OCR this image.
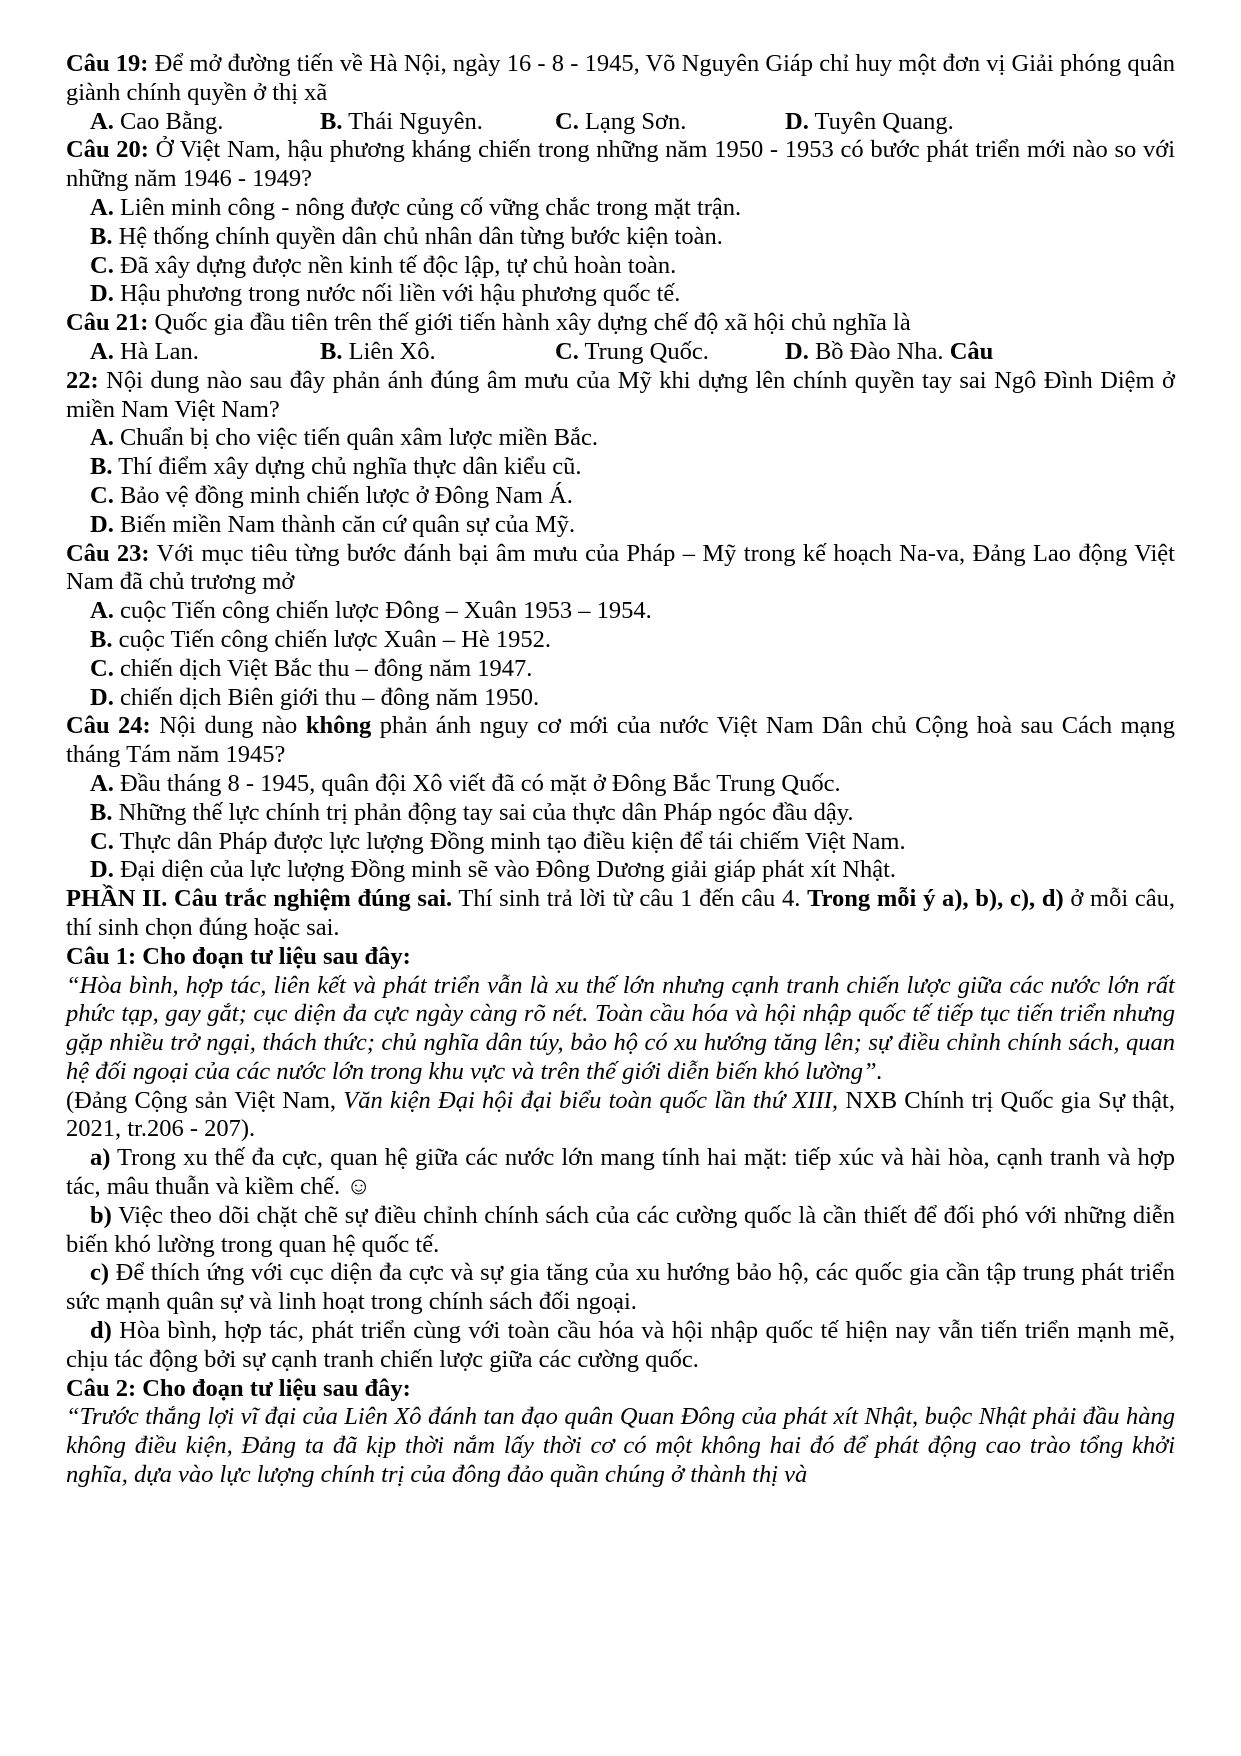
Câu 19: Để mở đường tiến về Hà Nội, ngày 16 - 8 - 1945, Võ Nguyên Giáp chỉ huy một đơn vị Giải phóng quân giành chính quyền ở thị xã
A. Cao Bằng.	B. Thái Nguyên.	C. Lạng Sơn.	D. Tuyên Quang.
Câu 20: Ở Việt Nam, hậu phương kháng chiến trong những năm 1950 - 1953 có bước phát triển mới nào so với những năm 1946 - 1949?
A. Liên minh công - nông được củng cố vững chắc trong mặt trận.
B. Hệ thống chính quyền dân chủ nhân dân từng bước kiện toàn.
C. Đã xây dựng được nền kinh tế độc lập, tự chủ hoàn toàn.
D. Hậu phương trong nước nối liền với hậu phương quốc tế.
Câu 21: Quốc gia đầu tiên trên thế giới tiến hành xây dựng chế độ xã hội chủ nghĩa là
A. Hà Lan.	B. Liên Xô.	C. Trung Quốc.	D. Bồ Đào Nha. Câu
22: Nội dung nào sau đây phản ánh đúng âm mưu của Mỹ khi dựng lên chính quyền tay sai Ngô Đình Diệm ở miền Nam Việt Nam?
A. Chuẩn bị cho việc tiến quân xâm lược miền Bắc.
B. Thí điểm xây dựng chủ nghĩa thực dân kiểu cũ.
C. Bảo vệ đồng minh chiến lược ở Đông Nam Á.
D. Biến miền Nam thành căn cứ quân sự của Mỹ.
Câu 23: Với mục tiêu từng bước đánh bại âm mưu của Pháp – Mỹ trong kế hoạch Na-va, Đảng Lao động Việt Nam đã chủ trương mở
A. cuộc Tiến công chiến lược Đông – Xuân 1953 – 1954.
B. cuộc Tiến công chiến lược Xuân – Hè 1952.
C. chiến dịch Việt Bắc thu – đông năm 1947.
D. chiến dịch Biên giới thu – đông năm 1950.
Câu 24: Nội dung nào không phản ánh nguy cơ mới của nước Việt Nam Dân chủ Cộng hoà sau Cách mạng tháng Tám năm 1945?
A. Đầu tháng 8 - 1945, quân đội Xô viết đã có mặt ở Đông Bắc Trung Quốc.
B. Những thế lực chính trị phản động tay sai của thực dân Pháp ngóc đầu dậy.
C. Thực dân Pháp được lực lượng Đồng minh tạo điều kiện để tái chiếm Việt Nam.
D. Đại diện của lực lượng Đồng minh sẽ vào Đông Dương giải giáp phát xít Nhật.
PHẦN II. Câu trắc nghiệm đúng sai. Thí sinh trả lời từ câu 1 đến câu 4. Trong mỗi ý a), b), c), d) ở mỗi câu, thí sinh chọn đúng hoặc sai.
Câu 1: Cho đoạn tư liệu sau đây:
“Hòa bình, hợp tác, liên kết và phát triển vẫn là xu thế lớn nhưng cạnh tranh chiến lược giữa các nước lớn rất phức tạp, gay gắt; cục diện đa cực ngày càng rõ nét. Toàn cầu hóa và hội nhập quốc tế tiếp tục tiến triển nhưng gặp nhiều trở ngại, thách thức; chủ nghĩa dân túy, bảo hộ có xu hướng tăng lên; sự điều chỉnh chính sách, quan hệ đối ngoại của các nước lớn trong khu vực và trên thế giới diễn biến khó lường”.
(Đảng Cộng sản Việt Nam, Văn kiện Đại hội đại biểu toàn quốc lần thứ XIII, NXB Chính trị Quốc gia Sự thật, 2021, tr.206 - 207).
a) Trong xu thế đa cực, quan hệ giữa các nước lớn mang tính hai mặt: tiếp xúc và hài hòa, cạnh tranh và hợp tác, mâu thuẫn và kiềm chế. ☺
b) Việc theo dõi chặt chẽ sự điều chỉnh chính sách của các cường quốc là cần thiết để đối phó với những diễn biến khó lường trong quan hệ quốc tế.
c) Để thích ứng với cục diện đa cực và sự gia tăng của xu hướng bảo hộ, các quốc gia cần tập trung phát triển sức mạnh quân sự và linh hoạt trong chính sách đối ngoại.
d) Hòa bình, hợp tác, phát triển cùng với toàn cầu hóa và hội nhập quốc tế hiện nay vẫn tiến triển mạnh mẽ, chịu tác động bởi sự cạnh tranh chiến lược giữa các cường quốc.
Câu 2: Cho đoạn tư liệu sau đây:
“Trước thắng lợi vĩ đại của Liên Xô đánh tan đạo quân Quan Đông của phát xít Nhật, buộc Nhật phải đầu hàng không điều kiện, Đảng ta đã kịp thời nắm lấy thời cơ có một không hai đó để phát động cao trào tổng khởi nghĩa, dựa vào lực lượng chính trị của đông đảo quần chúng ở thành thị và
